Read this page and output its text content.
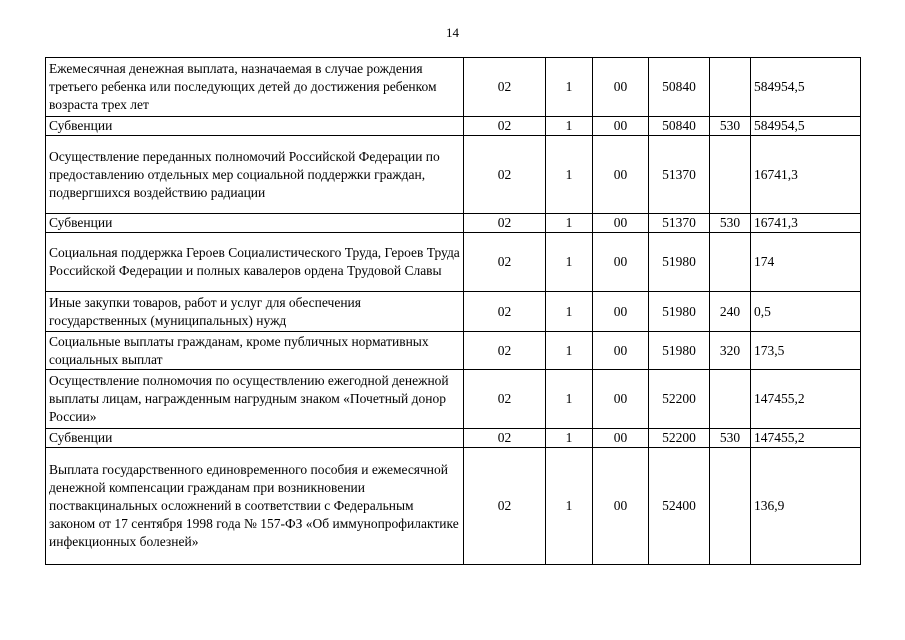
14
Ежемесячная денежная выплата, назначаемая в случае рождения третьего ребенка или последующих детей до достижения ребенком возраста трех лет	02	1	00	50840		584954,5
Субвенции	02	1	00	50840	530	584954,5
Осуществление переданных полномочий Российской Федерации по предоставлению отдельных мер социальной поддержки граждан, подвергшихся воздействию радиации	02	1	00	51370		16741,3
Субвенции	02	1	00	51370	530	16741,3
Социальная поддержка Героев Социалистического Труда, Героев Труда Российской Федерации и полных кавалеров ордена Трудовой Славы	02	1	00	51980		174
Иные закупки товаров, работ и услуг для обеспечения государственных (муниципальных) нужд	02	1	00	51980	240	0,5
Социальные выплаты гражданам, кроме публичных нормативных социальных выплат	02	1	00	51980	320	173,5
Осуществление полномочия по осуществлению ежегодной денежной выплаты лицам, награжденным нагрудным знаком «Почетный донор России»	02	1	00	52200		147455,2
Субвенции	02	1	00	52200	530	147455,2
Выплата государственного единовременного пособия и ежемесячной денежной компенсации гражданам при возникновении поствакцинальных осложнений в соответствии с Федеральным законом от 17 сентября 1998 года № 157-ФЗ «Об иммунопрофилактике инфекционных болезней»	02	1	00	52400		136,9
